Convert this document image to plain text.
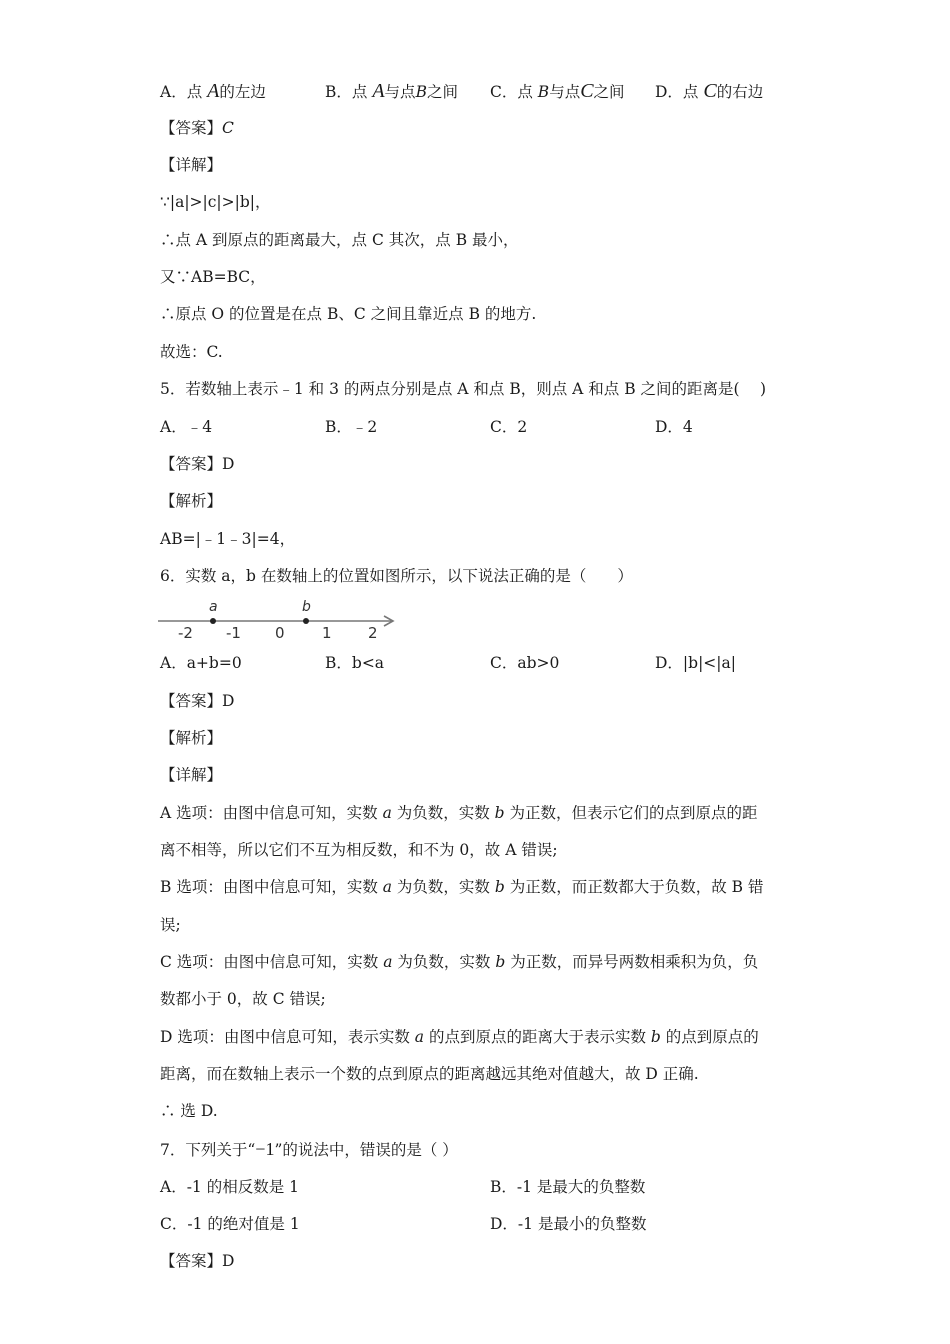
A．点 A的左边	B．点 A与点B之间 C．点 B与点C之间 D．点 C的右边
【答案】C
【详解】
∵|a|>|c|>|b|，
∴点 A 到原点的距离最大，点 C 其次，点 B 最小，
又∵AB=BC，
∴原点 O 的位置是在点 B、C 之间且靠近点 B 的地方.
故选：C.
5．若数轴上表示﹣1 和 3 的两点分别是点 A 和点 B，则点 A 和点 B 之间的距离是(　 )
A．﹣4	B．﹣2	C．2	D．4
【答案】D
【解析】
AB=|﹣1﹣3|=4，
6．实数 a，b 在数轴上的位置如图所示，以下说法正确的是（　　）
a	b
-2 -1 0 1 2
A．a+b=0	B．b<a	C．ab>0	D．|b|<|a|
【答案】D
【解析】
【详解】
A 选项：由图中信息可知，实数 a 为负数，实数 b 为正数，但表示它们的点到原点的距
离不相等，所以它们不互为相反数，和不为 0，故 A 错误;
B 选项：由图中信息可知，实数 a 为负数，实数 b 为正数，而正数都大于负数，故 B 错
误;
C 选项：由图中信息可知，实数 a 为负数，实数 b 为正数，而异号两数相乘积为负，负
数都小于 0，故 C 错误;
D 选项：由图中信息可知，表示实数 a 的点到原点的距离大于表示实数 b 的点到原点的
距离，而在数轴上表示一个数的点到原点的距离越远其绝对值越大，故 D 正确.
∴ 选 D.
7．下列关于“−1”的说法中，错误的是（ ）
A．-1 的相反数是 1	B．-1 是最大的负整数
C．-1 的绝对值是 1	D．-1 是最小的负整数
【答案】D
